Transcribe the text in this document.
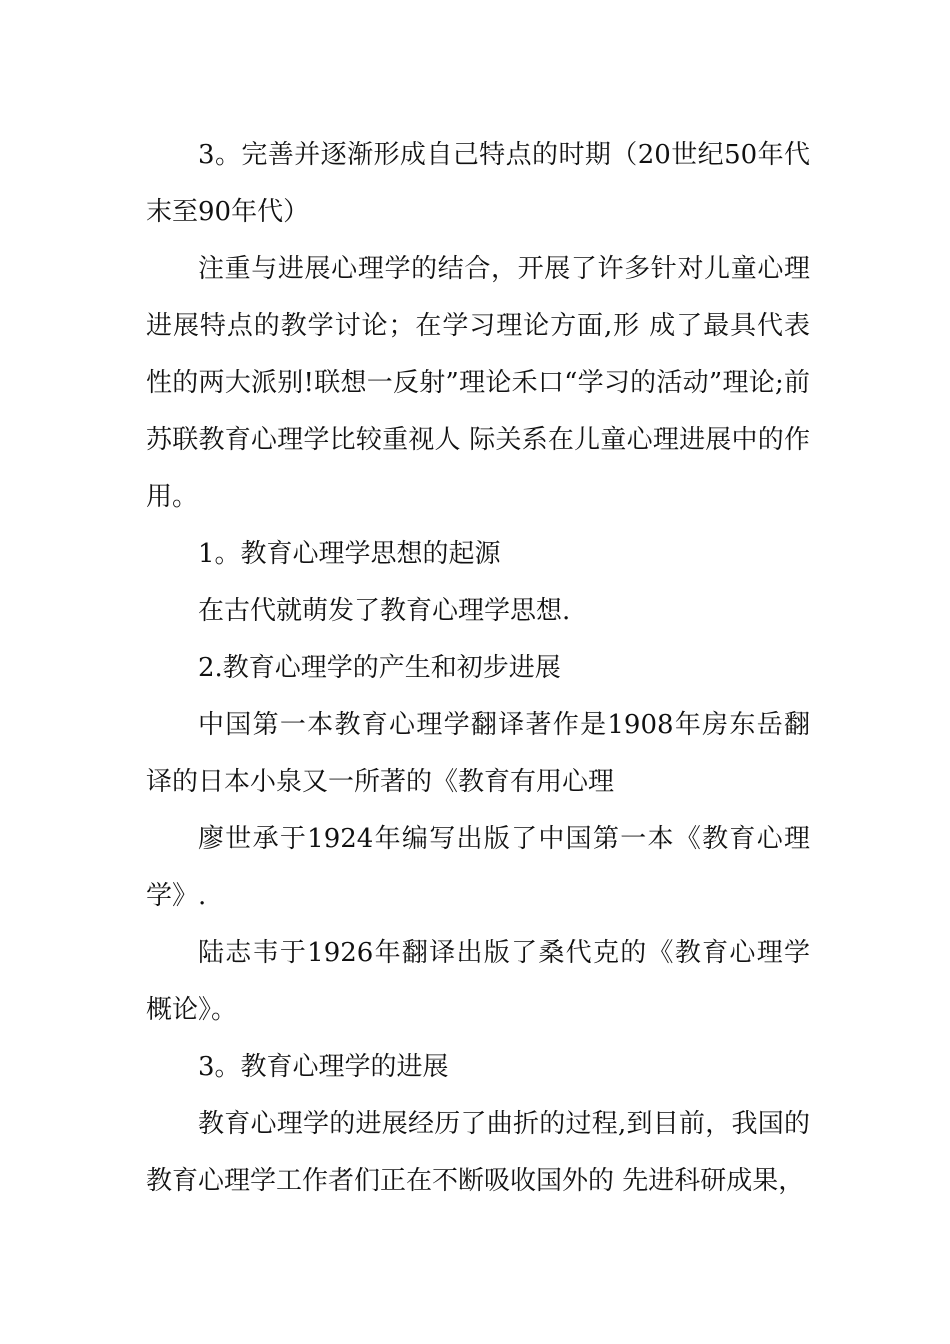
3。完善并逐渐形成自己特点的时期（20世纪50年代末至90年代）

注重与进展心理学的结合，开展了许多针对儿童心理进展特点的教学讨论；在学习理论方面,形 成了最具代表性的两大派别!联想一反射”理论禾口“学习的活动”理论;前苏联教育心理学比较重视人 际关系在儿童心理进展中的作用。

1。教育心理学思想的起源

在古代就萌发了教育心理学思想.

2.教育心理学的产生和初步进展

中国第一本教育心理学翻译著作是1908年房东岳翻译的日本小泉又一所著的《教育有用心理

廖世承于1924年编写出版了中国第一本《教育心理学》.

陆志韦于1926年翻译出版了桑代克的《教育心理学概论》。

3。教育心理学的进展

教育心理学的进展经历了曲折的过程,到目前，我国的教育心理学工作者们正在不断吸收国外的 先进科研成果，
